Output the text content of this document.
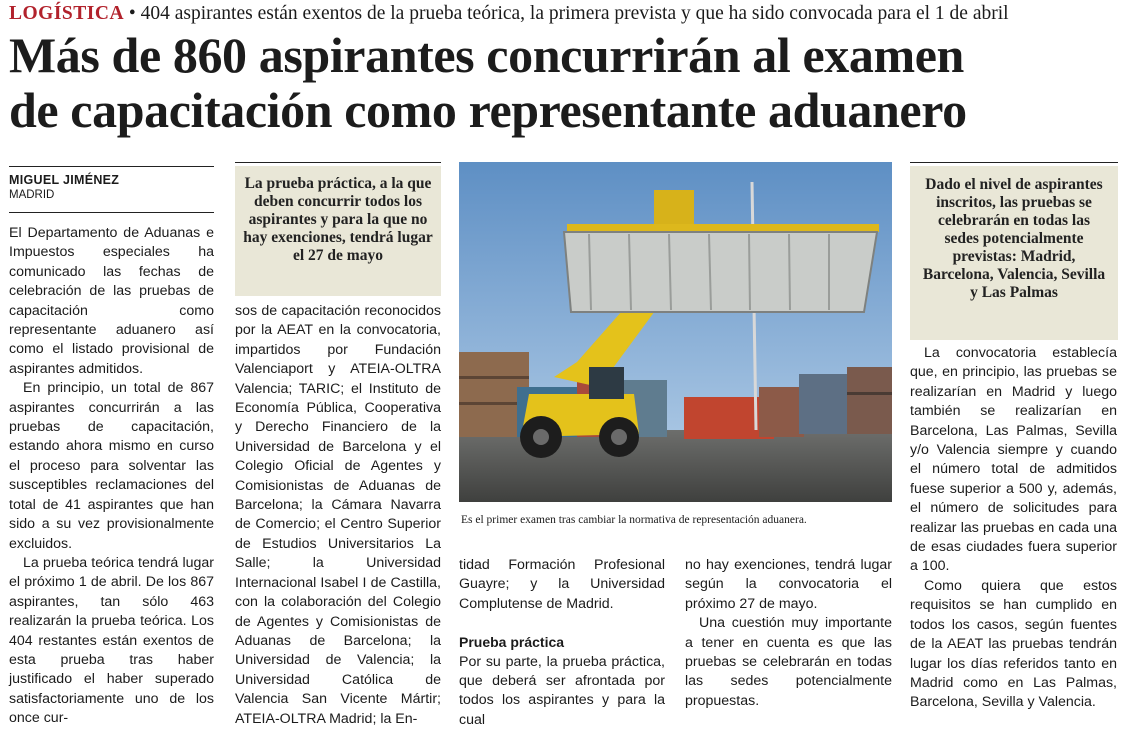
LOGÍSTICA • 404 aspirantes están exentos de la prueba teórica, la primera prevista y que ha sido convocada para el 1 de abril
Más de 860 aspirantes concurrirán al examen
de capacitación como representante aduanero
MIGUEL JIMÉNEZ
MADRID

El Departamento de Aduanas e Impuestos especiales ha comunicado las fechas de celebración de las pruebas de capacitación como representante aduanero así como el listado provisional de aspirantes admitidos.

En principio, un total de 867 aspirantes concurrirán a las pruebas de capacitación, estando ahora mismo en curso el proceso para solventar las susceptibles reclamaciones del total de 41 aspirantes que han sido a su vez provisionalmente excluidos.

La prueba teórica tendrá lugar el próximo 1 de abril. De los 867 aspirantes, tan sólo 463 realizarán la prueba teórica. Los 404 restantes están exentos de esta prueba tras haber justificado el haber superado satisfactoriamente uno de los once cur-

La prueba práctica, a la que deben concurrir todos los aspirantes y para la que no hay exenciones, tendrá lugar el 27 de mayo

sos de capacitación reconocidos por la AEAT en la convocatoria, impartidos por Fundación Valenciaport y ATEIA-OLTRA Valencia; TARIC; el Instituto de Economía Pública, Cooperativa y Derecho Financiero de la Universidad de Barcelona y el Colegio Oficial de Agentes y Comisionistas de Aduanas de Barcelona; la Cámara Navarra de Comercio; el Centro Superior de Estudios Universitarios La Salle; la Universidad Internacional Isabel I de Castilla, con la colaboración del Colegio de Agentes y Comisionistas de Aduanas de Barcelona; la Universidad de Valencia; la Universidad Católica de Valencia San Vicente Mártir; ATEIA-OLTRA Madrid; la En-

Es el primer examen tras cambiar la normativa de representación aduanera.

tidad Formación Profesional Guayre; y la Universidad Complutense de Madrid.

Prueba práctica

Por su parte, la prueba práctica, que deberá ser afrontada por todos los aspirantes y para la cual

no hay exenciones, tendrá lugar según la convocatoria el próximo 27 de mayo.

Una cuestión muy importante a tener en cuenta es que las pruebas se celebrarán en todas las sedes potencialmente propuestas.

Dado el nivel de aspirantes inscritos, las pruebas se celebrarán en todas las sedes potencialmente previstas: Madrid, Barcelona, Valencia, Sevilla y Las Palmas

La convocatoria establecía que, en principio, las pruebas se realizarían en Madrid y luego también se realizarían en Barcelona, Las Palmas, Sevilla y/o Valencia siempre y cuando el número total de admitidos fuese superior a 500 y, además, el número de solicitudes para realizar las pruebas en cada una de esas ciudades fuera superior a 100.

Como quiera que estos requisitos se han cumplido en todos los casos, según fuentes de la AEAT las pruebas tendrán lugar los días referidos tanto en Madrid como en Las Palmas, Barcelona, Sevilla y Valencia.
